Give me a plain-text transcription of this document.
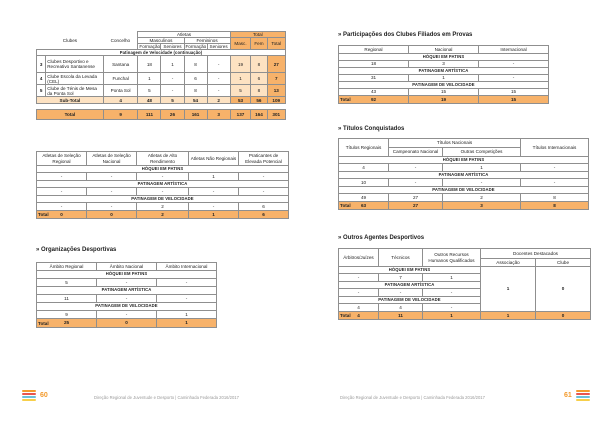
Clubes		Concelho	Atletas				Total		
			Masculinos		Femininos		Masc.	Fem	Total
			Formação	Seniores	Formação	Seniores			
Patinagem de Velocidade (continuação)									
3	Clubes Desportivo e Recreativo Santanense	Santana	18	1	8	-	19	8	27
4	Clube Escola da Levada (CEL)	Funchal	1	-	6	-	1	6	7
5	Clube de Ténis de Mesa da Ponta Sol	Ponta Sol	5	-	8	-	5	8	13
Sub-Total		4	48	5	54	2	53	56	109

Total		9	111	26	161	3	137	164	301
Atletas de Seleção Regional	Atletas de Seleção Nacional	Atletas de Alto Rendimento	Atletas Não Regionais	Praticantes de Elevada Potencial
HÓQUEI EM PATINS				
-	-	-	1	-
PATINAGEM ARTÍSTICA				
-	-	-	-	-
PATINAGEM DE VELOCIDADE				
-	-	2	-	6

Total 0	0	2	1	6
» Organizações Desportivas
Âmbito Regional	Âmbito Nacional	Âmbito Internacional
HÓQUEI EM PATINS		
5	-	-
PATINAGEM ARTÍSTICA		
11	-	-
PATINAGEM DE VELOCIDADE		
9	-	1

Total 25	0	1
60	Direção Regional de Juventude e Desporto | Caminhada Federada 2016/2017
» Participações dos Clubes Filiados em Provas
Regional	Nacional	Internacional
HÓQUEI EM PATINS		
18	3	-
PATINAGEM ARTÍSTICA		
31	1	-
PATINAGEM DE VELOCIDADE		
43	15	15

Total 92	19	15
» Títulos Conquistados
Títulos Regionais	Títulos Nacionais		Títulos Internacionais
	Campeonato Nacional	Outras Competições	
HÓQUEI EM PATINS			
4	-	1	-
PATINAGEM ARTÍSTICA			
10	-	-	-
PATINAGEM DE VELOCIDADE			
49	27	2	8

Total 63	27	3	8
» Outros Agentes Desportivos
Árbitros/Juízes	Técnicos	Outros Recursos Humanos Qualificados	Docentes Destacados	
			Associação	Clube
HÓQUEI EM PATINS			1	0
-	7	1		
PATINAGEM ARTÍSTICA				
-	-	-		
PATINAGEM DE VELOCIDADE				
4	4	-		

Total 4	11	1	1	0
Direção Regional de Juventude e Desporto | Caminhada Federada 2016/2017	61
